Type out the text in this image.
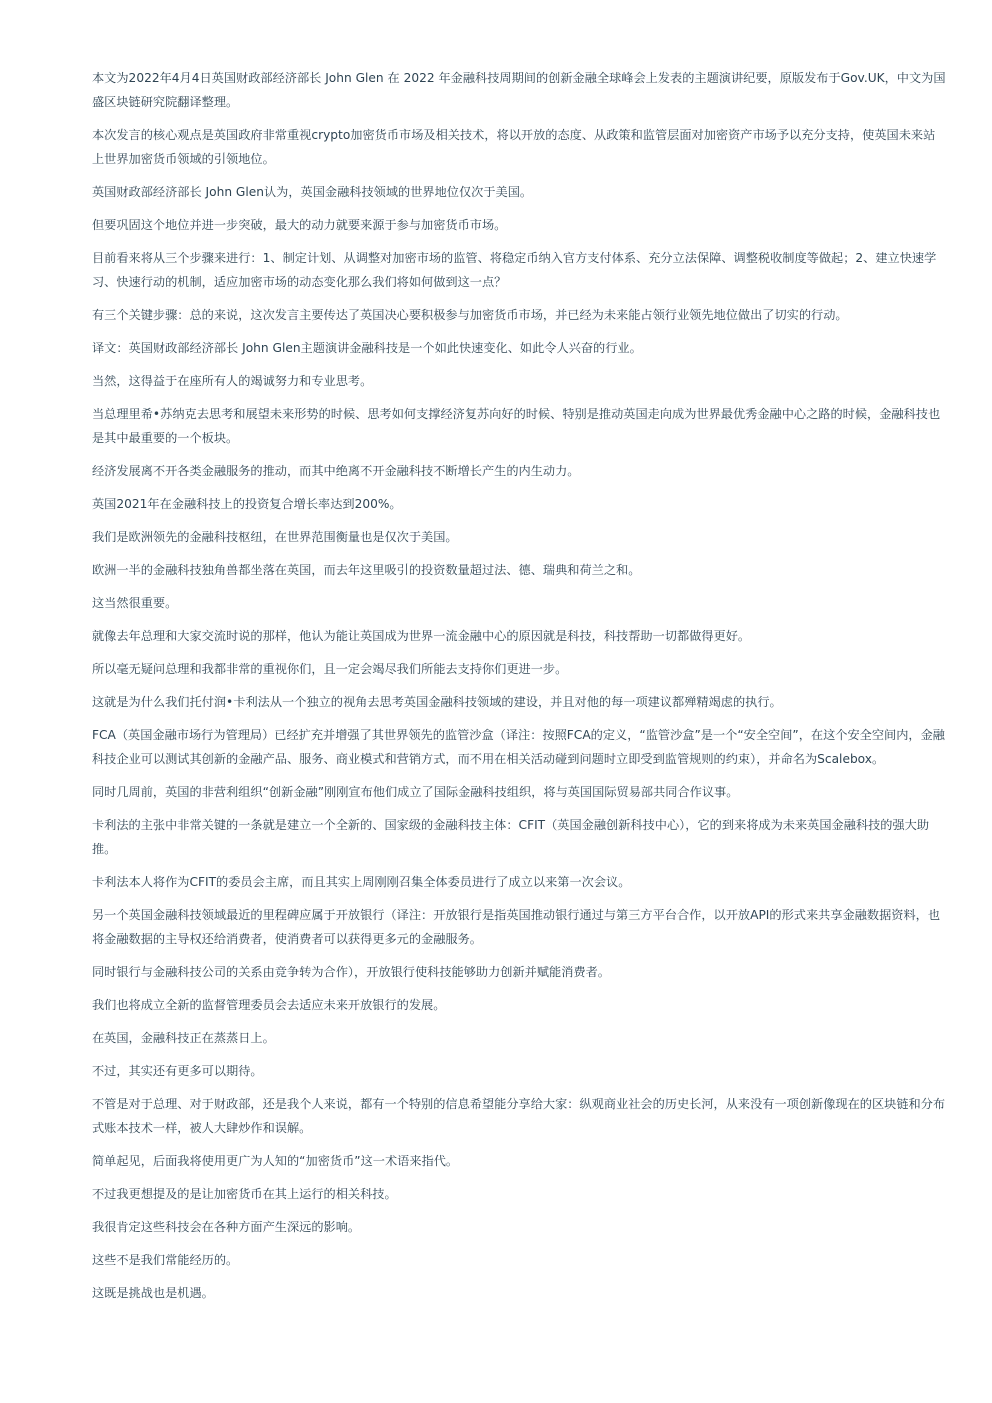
本文为2022年4月4日英国财政部经济部长 John Glen 在 2022 年金融科技周期间的创新金融全球峰会上发表的主题演讲纪要，原版发布于Gov.UK，中文为国盛区块链研究院翻译整理。

本次发言的核心观点是英国政府非常重视crypto加密货币市场及相关技术，将以开放的态度、从政策和监管层面对加密资产市场予以充分支持，使英国未来站上世界加密货币领域的引领地位。

英国财政部经济部长 John Glen认为，英国金融科技领域的世界地位仅次于美国。

但要巩固这个地位并进一步突破，最大的动力就要来源于参与加密货币市场。

目前看来将从三个步骤来进行：1、制定计划、从调整对加密市场的监管、将稳定币纳入官方支付体系、充分立法保障、调整税收制度等做起；2、建立快速学习、快速行动的机制，适应加密市场的动态变化那么我们将如何做到这一点？

有三个关键步骤：总的来说，这次发言主要传达了英国决心要积极参与加密货币市场，并已经为未来能占领行业领先地位做出了切实的行动。

译文：英国财政部经济部长 John Glen主题演讲金融科技是一个如此快速变化、如此令人兴奋的行业。

当然，这得益于在座所有人的竭诚努力和专业思考。

当总理里希•苏纳克去思考和展望未来形势的时候、思考如何支撑经济复苏向好的时候、特别是推动英国走向成为世界最优秀金融中心之路的时候，金融科技也是其中最重要的一个板块。

经济发展离不开各类金融服务的推动，而其中绝离不开金融科技不断增长产生的内生动力。

英国2021年在金融科技上的投资复合增长率达到200%。

我们是欧洲领先的金融科技枢纽，在世界范围衡量也是仅次于美国。

欧洲一半的金融科技独角兽都坐落在英国，而去年这里吸引的投资数量超过法、德、瑞典和荷兰之和。

这当然很重要。

就像去年总理和大家交流时说的那样，他认为能让英国成为世界一流金融中心的原因就是科技，科技帮助一切都做得更好。

所以毫无疑问总理和我都非常的重视你们，且一定会竭尽我们所能去支持你们更进一步。

这就是为什么我们托付润•卡利法从一个独立的视角去思考英国金融科技领域的建设，并且对他的每一项建议都殚精竭虑的执行。

FCA（英国金融市场行为管理局）已经扩充并增强了其世界领先的监管沙盒（译注：按照FCA的定义，“监管沙盒”是一个“安全空间”，在这个安全空间内，金融科技企业可以测试其创新的金融产品、服务、商业模式和营销方式，而不用在相关活动碰到问题时立即受到监管规则的约束），并命名为Scalebox。

同时几周前，英国的非营利组织“创新金融”刚刚宣布他们成立了国际金融科技组织，将与英国国际贸易部共同合作议事。

卡利法的主张中非常关键的一条就是建立一个全新的、国家级的金融科技主体：CFIT（英国金融创新科技中心），它的到来将成为未来英国金融科技的强大助推。

卡利法本人将作为CFIT的委员会主席，而且其实上周刚刚召集全体委员进行了成立以来第一次会议。

另一个英国金融科技领域最近的里程碑应属于开放银行（译注：开放银行是指英国推动银行通过与第三方平台合作，以开放API的形式来共享金融数据资料，也将金融数据的主导权还给消费者，使消费者可以获得更多元的金融服务。

同时银行与金融科技公司的关系由竞争转为合作），开放银行使科技能够助力创新并赋能消费者。

我们也将成立全新的监督管理委员会去适应未来开放银行的发展。

在英国，金融科技正在蒸蒸日上。

不过，其实还有更多可以期待。

不管是对于总理、对于财政部，还是我个人来说，都有一个特别的信息希望能分享给大家：纵观商业社会的历史长河，从来没有一项创新像现在的区块链和分布式账本技术一样，被人大肆炒作和误解。

简单起见，后面我将使用更广为人知的“加密货币”这一术语来指代。

不过我更想提及的是让加密货币在其上运行的相关科技。

我很肯定这些科技会在各种方面产生深远的影响。

这些不是我们常能经历的。

这既是挑战也是机遇。
